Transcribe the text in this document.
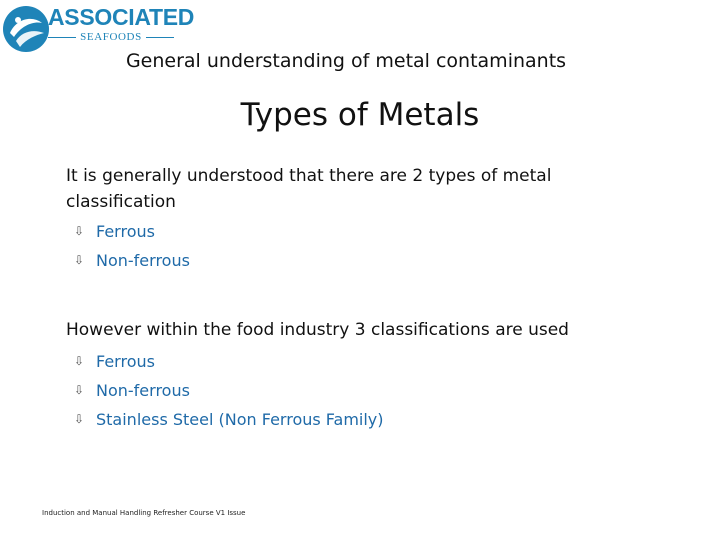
ASSOCIATED
SEAFOODS
General understanding of metal contaminants
Types of Metals
It is generally understood that there are 2 types of metal classification
⇩ Ferrous
⇩ Non-ferrous
However within the food industry 3 classifications are used
⇩ Ferrous
⇩ Non-ferrous
⇩ Stainless Steel (Non Ferrous Family)
Induction and Manual Handling Refresher Course V1 Issue
